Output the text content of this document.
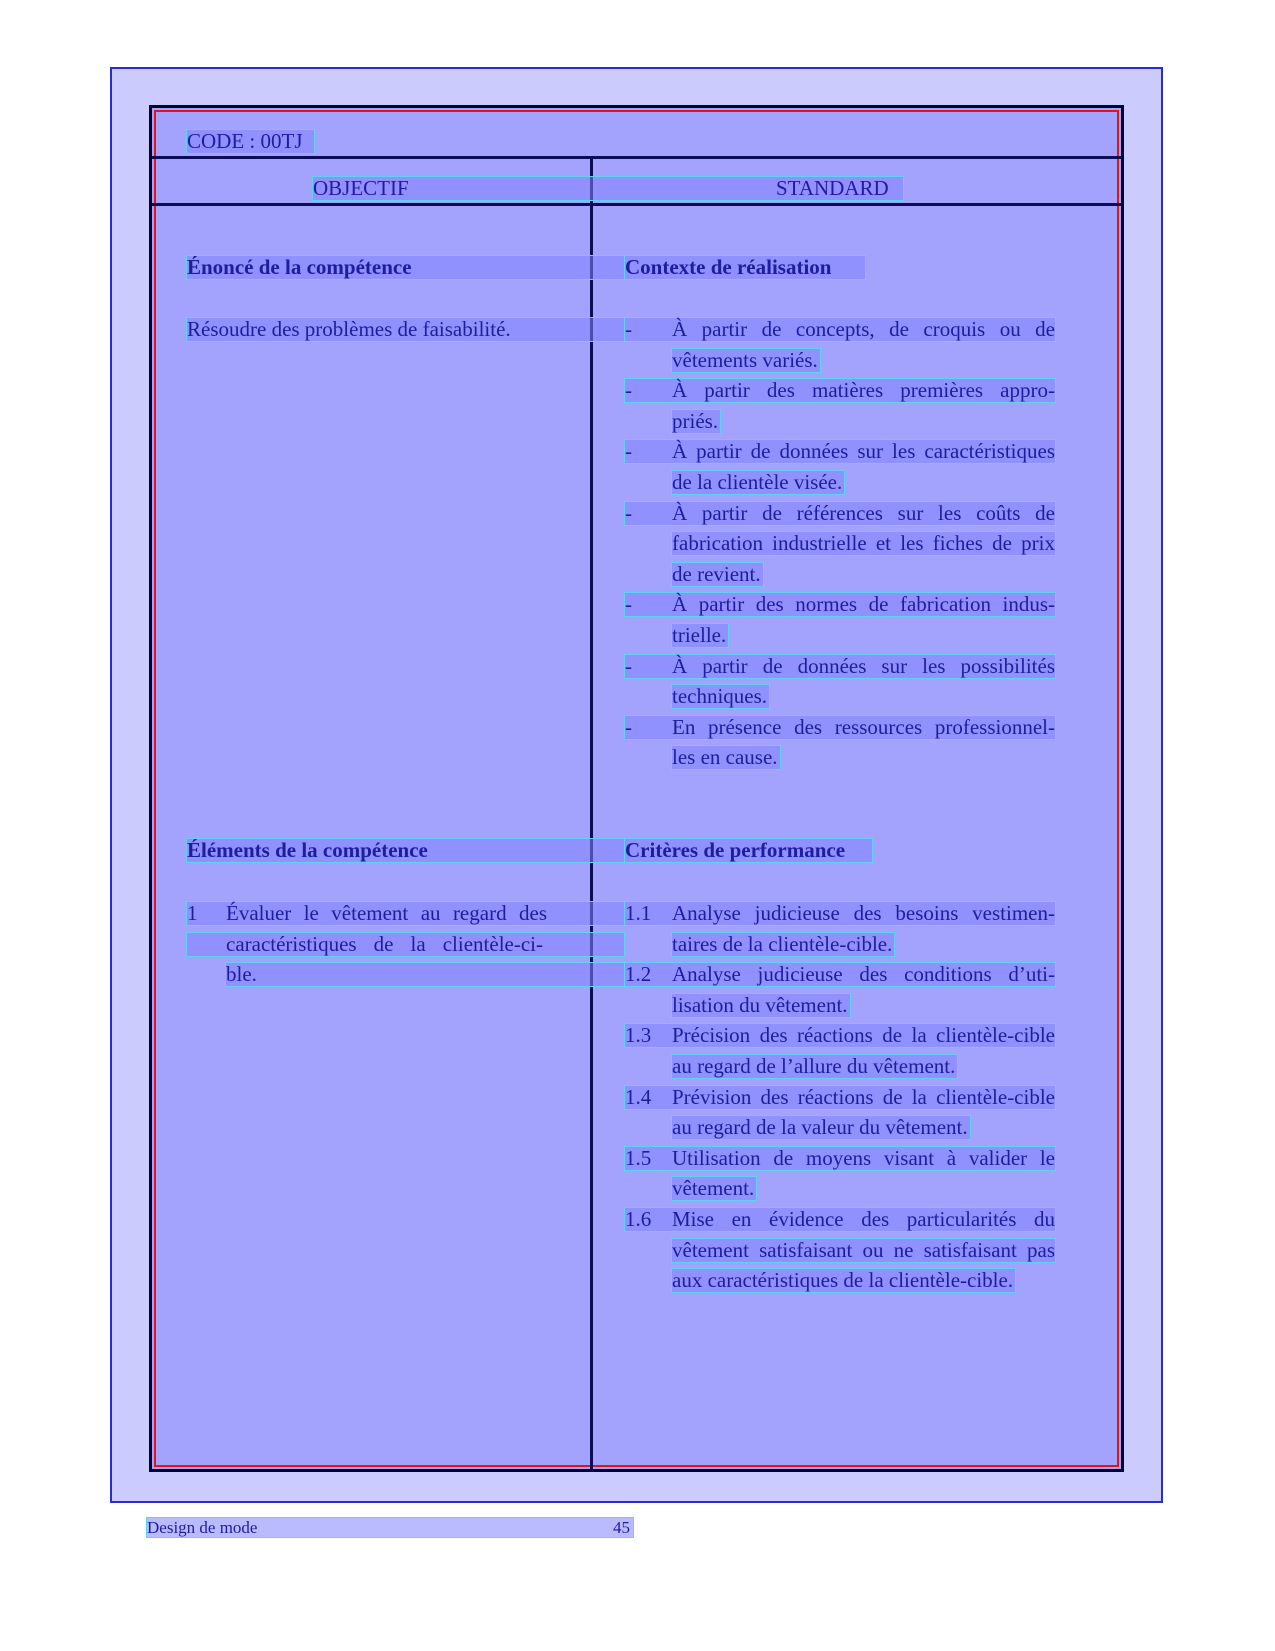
CODE : 00TJ
OBJECTIF	STANDARD
Énoncé de la compétence
Résoudre des problèmes de faisabilité.
Éléments de la compétence
1 Évaluer le vêtement au regard des
caractéristiques de la clientèle-ci-
ble.
Contexte de réalisation
- À partir de concepts, de croquis ou de
vêtements variés.
- À partir des matières premières appro-
priés.
- À partir de données sur les caractéristiques
de la clientèle visée.
- À partir de références sur les coûts de
fabrication industrielle et les fiches de prix
de revient.
- À partir des normes de fabrication indus-
trielle.
- À partir de données sur les possibilités
techniques.
- En présence des ressources professionnel-
les en cause.
Critères de performance
1.1 Analyse judicieuse des besoins vestimen-
taires de la clientèle-cible.
1.2 Analyse judicieuse des conditions d’uti-
lisation du vêtement.
1.3 Précision des réactions de la clientèle-cible
au regard de l’allure du vêtement.
1.4 Prévision des réactions de la clientèle-cible
au regard de la valeur du vêtement.
1.5 Utilisation de moyens visant à valider le
vêtement.
1.6 Mise en évidence des particularités du
vêtement satisfaisant ou ne satisfaisant pas
aux caractéristiques de la clientèle-cible.
Design de mode	45
